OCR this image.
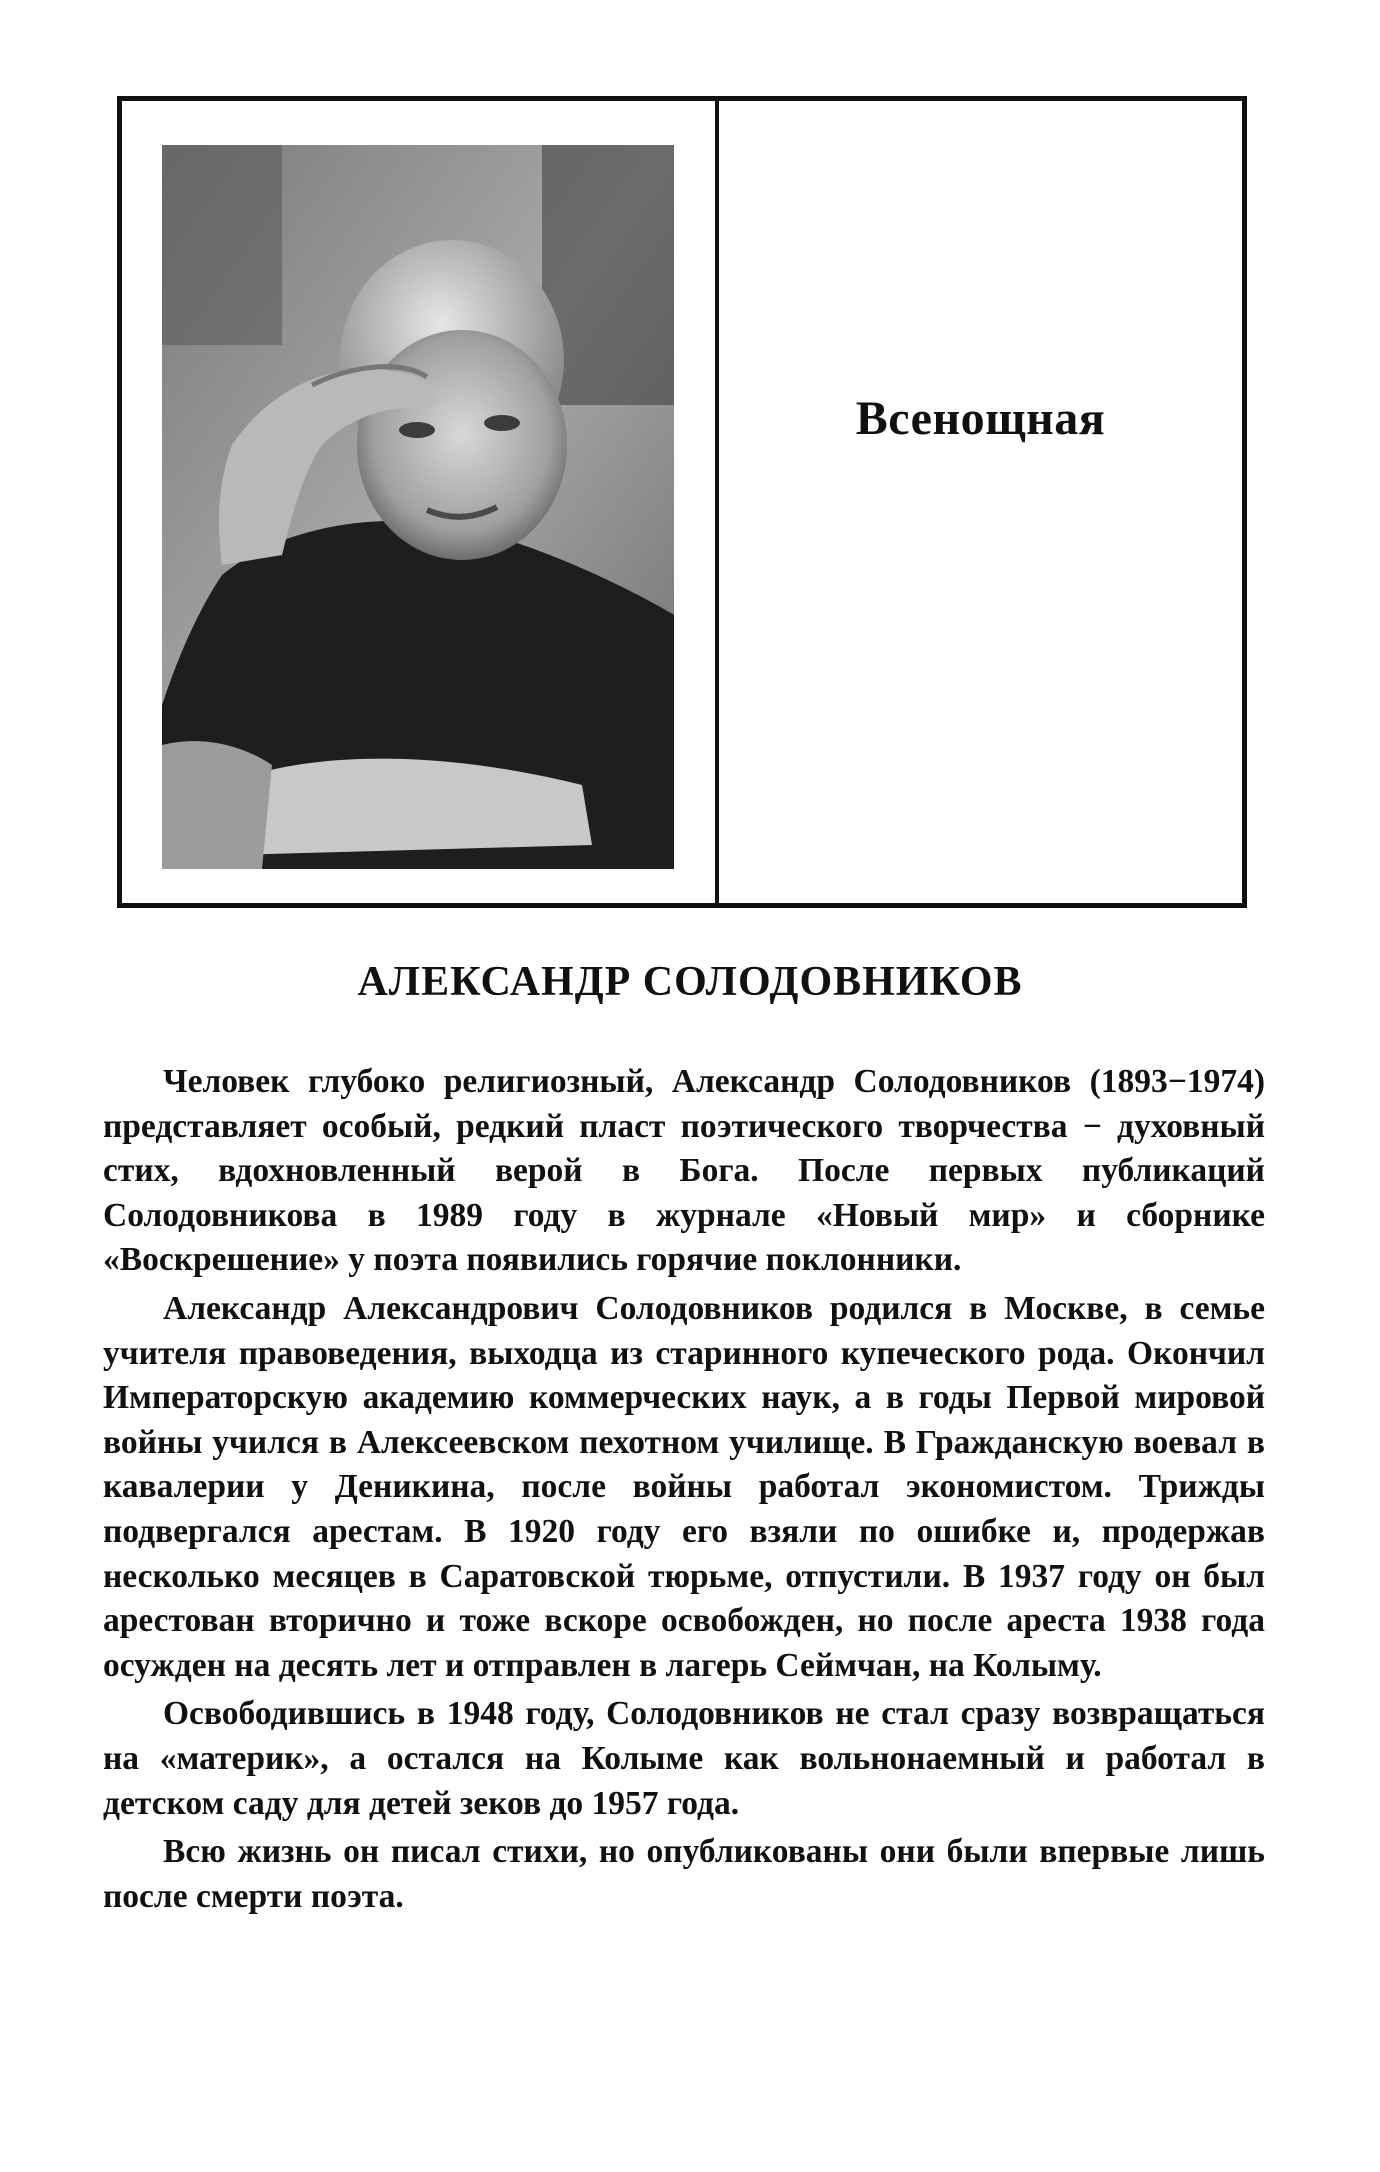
Всенощная
АЛЕКСАНДР СОЛОДОВНИКОВ

Человек глубоко религиозный, Александр Солодовников (1893−1974) представляет особый, редкий пласт поэтического творчества − духовный стих, вдохновленный верой в Бога. После первых публикаций Солодовникова в 1989 году в журнале «Новый мир» и сборнике «Воскрешение» у поэта появились горячие поклонники.

Александр Александрович Солодовников родился в Москве, в семье учителя правоведения, выходца из старинного купеческого рода. Окончил Императорскую академию коммерческих наук, а в годы Первой мировой войны учился в Алексеевском пехотном училище. В Гражданскую воевал в кавалерии у Деникина, после войны работал экономистом. Трижды подвергался арестам. В 1920 году его взяли по ошибке и, продержав несколько месяцев в Саратовской тюрьме, отпустили. В 1937 году он был арестован вторично и тоже вскоре освобожден, но после ареста 1938 года осужден на десять лет и отправлен в лагерь Сеймчан, на Колыму.

Освободившись в 1948 году, Солодовников не стал сразу возвращаться на «материк», а остался на Колыме как вольнонаемный и работал в детском саду для детей зеков до 1957 года.

Всю жизнь он писал стихи, но опубликованы они были впервые лишь после смерти поэта.
